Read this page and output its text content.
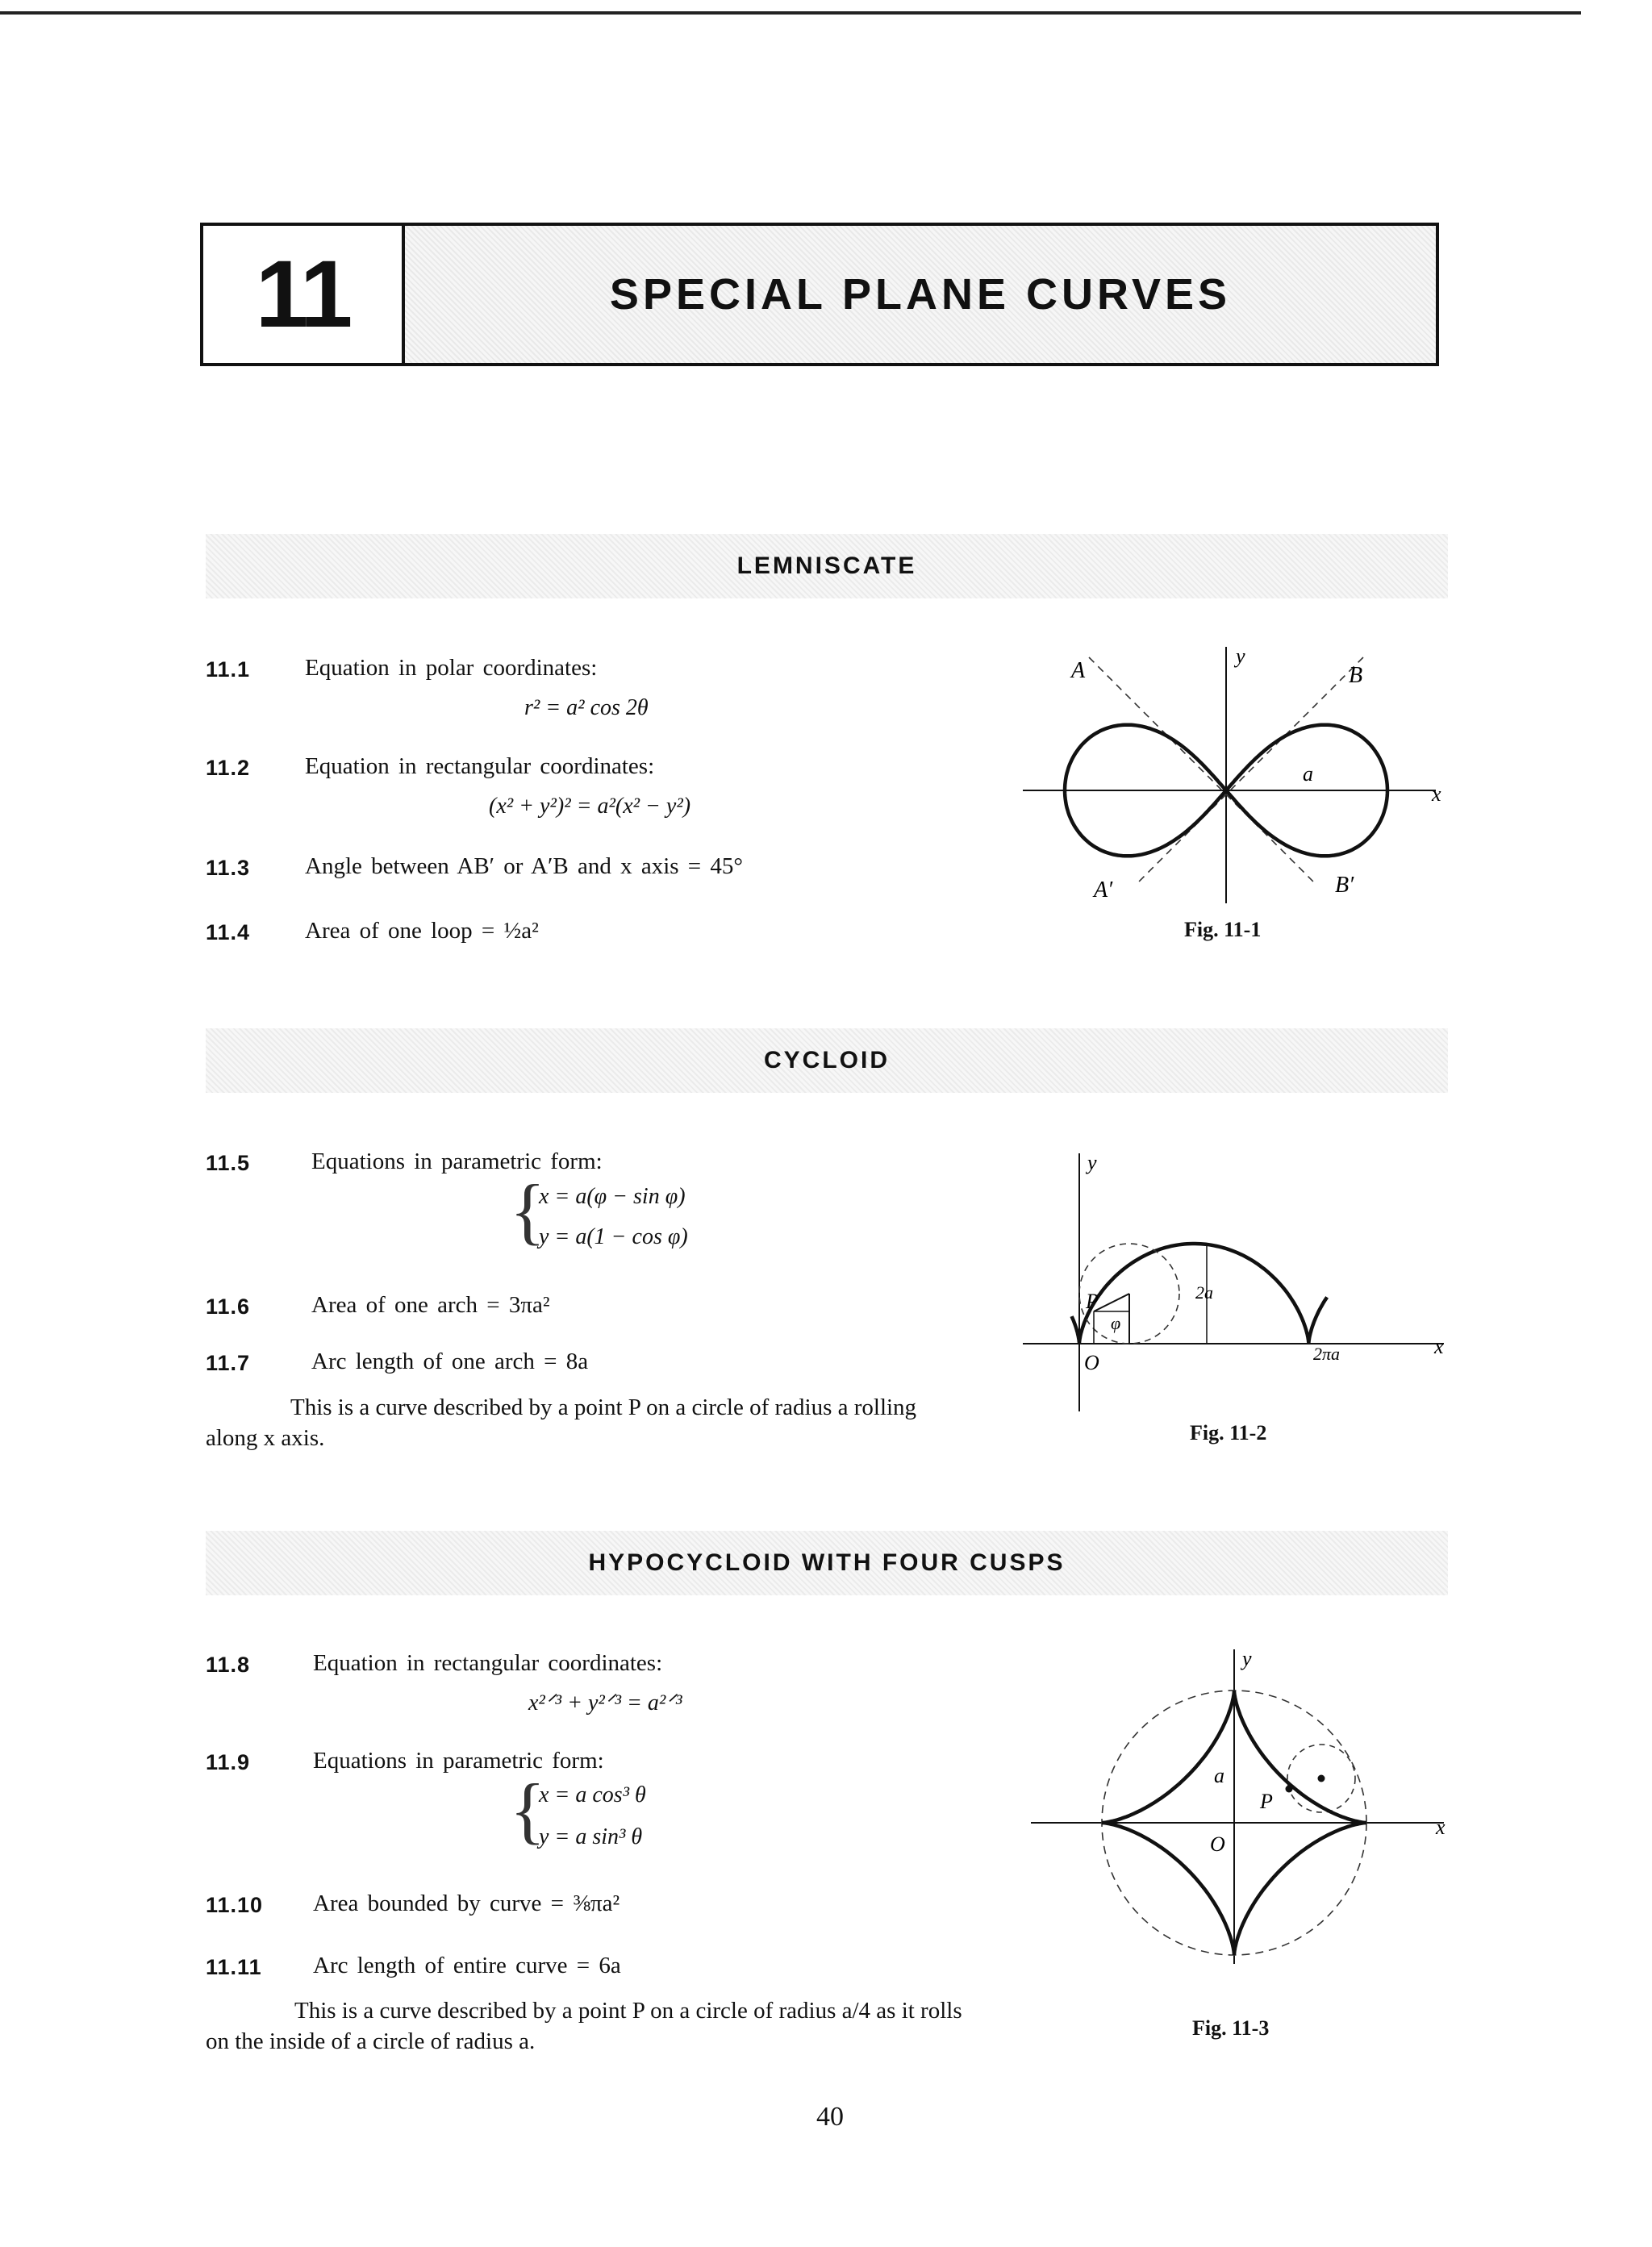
11	SPECIAL PLANE CURVES
LEMNISCATE
11.1 Equation in polar coordinates:
r² = a² cos 2θ
11.2 Equation in rectangular coordinates:
(x² + y²)² = a²(x² − y²)
11.3 Angle between AB′ or A′B and x axis = 45°
11.4 Area of one loop = ½a²
A	B
A′	B′
a
x
y
Fig. 11-1
CYCLOID
11.5	Equations in parametric form:
{
x = a(φ − sin φ)
y = a(1 − cos φ)
11.6	Area of one arch = 3πa²
11.7	Arc length of one arch = 8a
This is a curve described by a point P on a circle of radius a rolling along x axis.
P
φ
2a
O	2πa	x
y
Fig. 11-2
HYPOCYCLOID WITH FOUR CUSPS
11.8	Equation in rectangular coordinates:
x²ᐟ³ + y²ᐟ³ = a²ᐟ³
11.9	Equations in parametric form:
{
x = a cos³ θ
y = a sin³ θ
11.10 Area bounded by curve = ⅜πa²
11.11 Arc length of entire curve = 6a
This is a curve described by a point P on a circle of radius a/4 as it rolls on the inside of a circle of radius a.
a
P
O
x
y
Fig. 11-3
40
